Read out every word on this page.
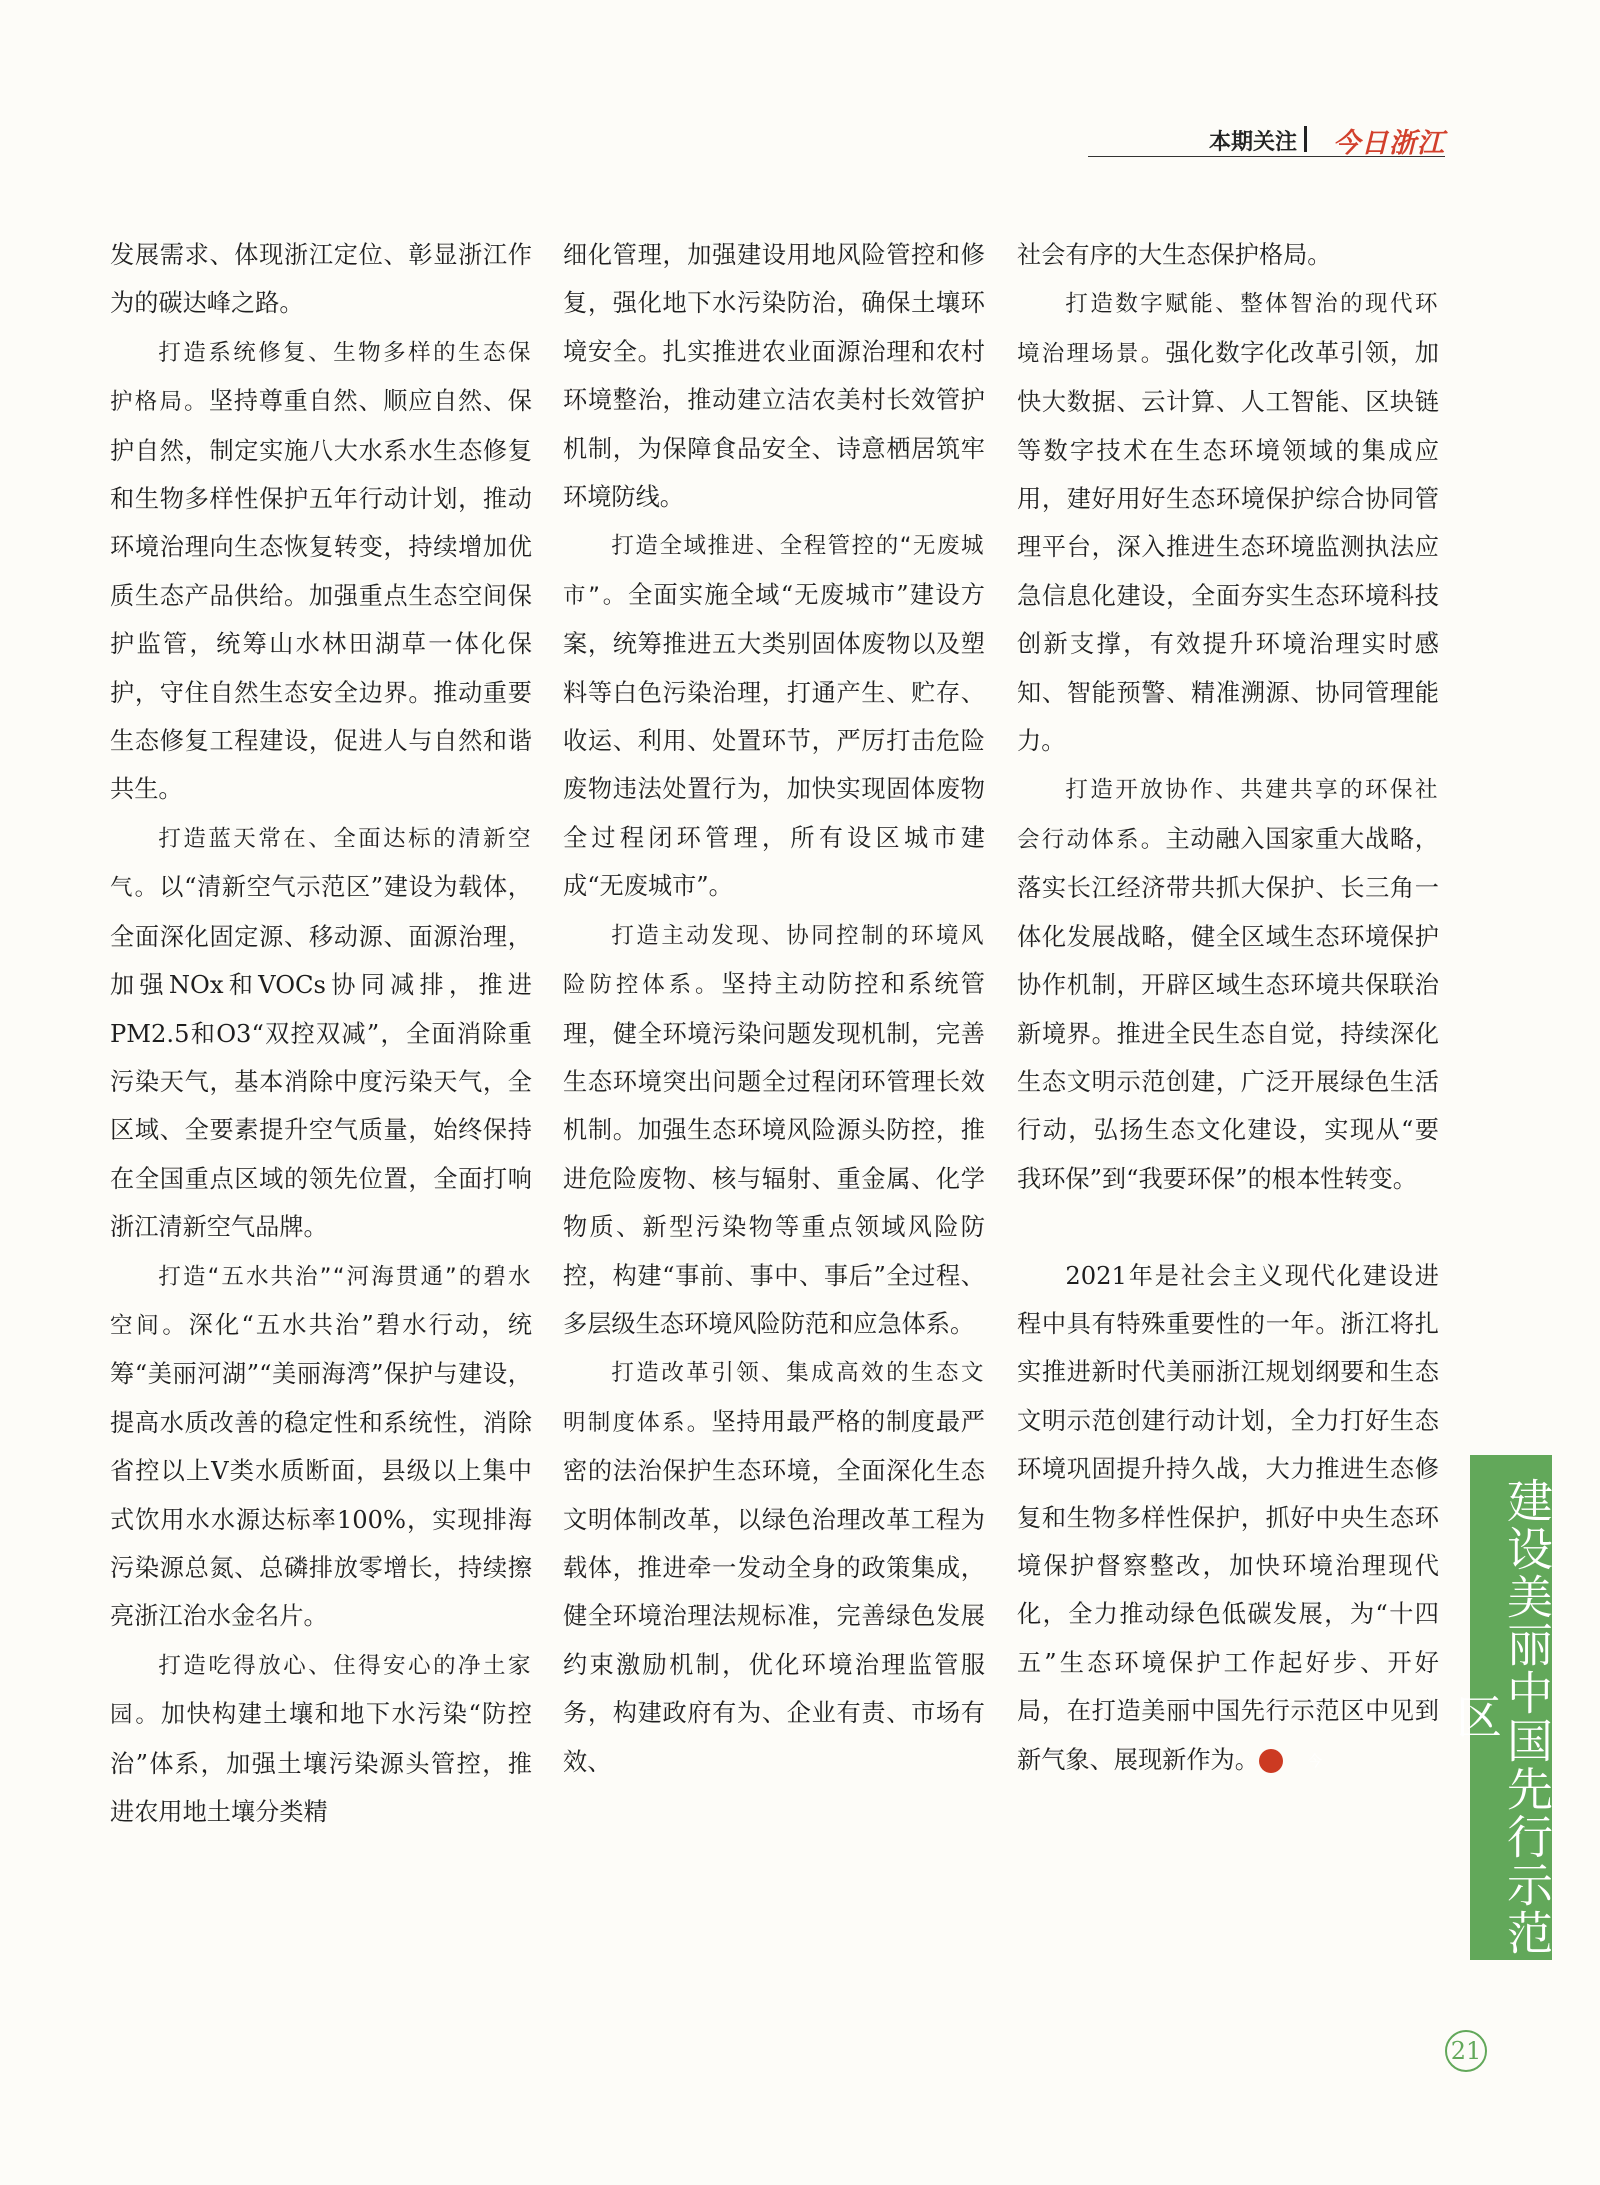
本期关注 今日浙江

发展需求、体现浙江定位、彰显浙江作为的碳达峰之路。

打造系统修复、生物多样的生态保护格局。坚持尊重自然、顺应自然、保护自然，制定实施八大水系水生态修复和生物多样性保护五年行动计划，推动环境治理向生态恢复转变，持续增加优质生态产品供给。加强重点生态空间保护监管，统筹山水林田湖草一体化保护，守住自然生态安全边界。推动重要生态修复工程建设，促进人与自然和谐共生。

打造蓝天常在、全面达标的清新空气。以“清新空气示范区”建设为载体，全面深化固定源、移动源、面源治理，加强NOx和VOCs协同减排，推进PM2.5和O3“双控双减”，全面消除重污染天气，基本消除中度污染天气，全区域、全要素提升空气质量，始终保持在全国重点区域的领先位置，全面打响浙江清新空气品牌。

打造“五水共治”“河海贯通”的碧水空间。深化“五水共治”碧水行动，统筹“美丽河湖”“美丽海湾”保护与建设，提高水质改善的稳定性和系统性，消除省控以上Ⅴ类水质断面，县级以上集中式饮用水水源达标率100%，实现排海污染源总氮、总磷排放零增长，持续擦亮浙江治水金名片。

打造吃得放心、住得安心的净土家园。加快构建土壤和地下水污染“防控治”体系，加强土壤污染源头管控，推进农用地土壤分类精

细化管理，加强建设用地风险管控和修复，强化地下水污染防治，确保土壤环境安全。扎实推进农业面源治理和农村环境整治，推动建立洁农美村长效管护机制，为保障食品安全、诗意栖居筑牢环境防线。

打造全域推进、全程管控的“无废城市”。全面实施全域“无废城市”建设方案，统筹推进五大类别固体废物以及塑料等白色污染治理，打通产生、贮存、收运、利用、处置环节，严厉打击危险废物违法处置行为，加快实现固体废物全过程闭环管理，所有设区城市建成“无废城市”。

打造主动发现、协同控制的环境风险防控体系。坚持主动防控和系统管理，健全环境污染问题发现机制，完善生态环境突出问题全过程闭环管理长效机制。加强生态环境风险源头防控，推进危险废物、核与辐射、重金属、化学物质、新型污染物等重点领域风险防控，构建“事前、事中、事后”全过程、多层级生态环境风险防范和应急体系。

打造改革引领、集成高效的生态文明制度体系。坚持用最严格的制度最严密的法治保护生态环境，全面深化生态文明体制改革，以绿色治理改革工程为载体，推进牵一发动全身的政策集成，健全环境治理法规标准，完善绿色发展约束激励机制，优化环境治理监管服务，构建政府有为、企业有责、市场有效、

社会有序的大生态保护格局。

打造数字赋能、整体智治的现代环境治理场景。强化数字化改革引领，加快大数据、云计算、人工智能、区块链等数字技术在生态环境领域的集成应用，建好用好生态环境保护综合协同管理平台，深入推进生态环境监测执法应急信息化建设，全面夯实生态环境科技创新支撑，有效提升环境治理实时感知、智能预警、精准溯源、协同管理能力。

打造开放协作、共建共享的环保社会行动体系。主动融入国家重大战略，落实长江经济带共抓大保护、长三角一体化发展战略，健全区域生态环境保护协作机制，开辟区域生态环境共保联治新境界。推进全民生态自觉，持续深化生态文明示范创建，广泛开展绿色生活行动，弘扬生态文化建设，实现从“要我环保”到“我要环保”的根本性转变。

2021年是社会主义现代化建设进程中具有特殊重要性的一年。浙江将扎实推进新时代美丽浙江规划纲要和生态文明示范创建行动计划，全力打好生态环境巩固提升持久战，大力推进生态修复和生物多样性保护，抓好中央生态环境保护督察整改，加快环境治理现代化，全力推动绿色低碳发展，为“十四五”生态环境保护工作起好步、开好局，在打造美丽中国先行示范区中见到新气象、展现新作为。	今	建设美丽中国先行示范区
21
